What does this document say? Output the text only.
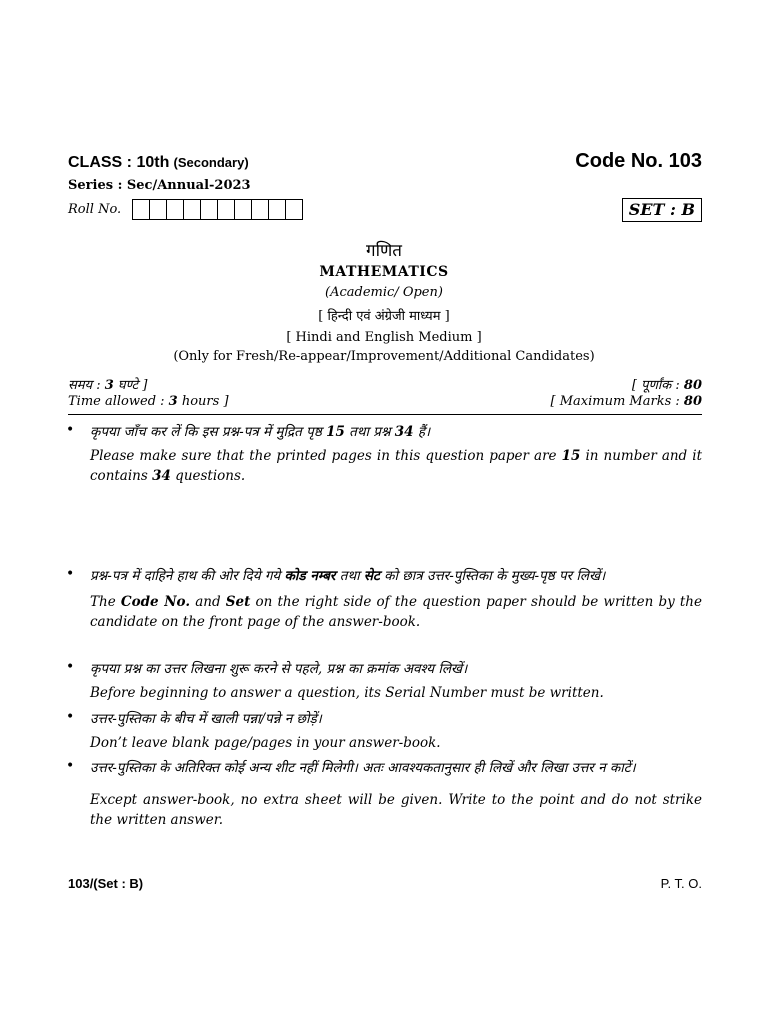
CLASS : 10th (Secondary)	Code No. 103
Series : Sec/Annual-2023
Roll No.	SET : B
गणित
MATHEMATICS
(Academic/ Open)
[ हिन्दी एवं अंग्रेजी माध्यम ]
[ Hindi and English Medium ]
(Only for Fresh/Re-appear/Improvement/Additional Candidates)
समय : 3 घण्टे ]	[ पूर्णांक : 80
Time allowed : 3 hours ]	[ Maximum Marks : 80
•	कृपया जाँच कर लें कि इस प्रश्न-पत्र में मुद्रित पृष्ठ 15 तथा प्रश्न 34 हैं।
Please make sure that the printed pages in this question paper are 15 in number and it contains 34 questions.
•	प्रश्न-पत्र में दाहिने हाथ की ओर दिये गये कोड नम्बर तथा सेट को छात्र उत्तर-पुस्तिका के मुख्य-पृष्ठ पर लिखें।
The Code No. and Set on the right side of the question paper should be written by the candidate on the front page of the answer-book.
•	कृपया प्रश्न का उत्तर लिखना शुरू करने से पहले, प्रश्न का क्रमांक अवश्य लिखें।
Before beginning to answer a question, its Serial Number must be written.
•	उत्तर-पुस्तिका के बीच में खाली पन्ना/पन्ने न छोड़ें।
Don’t leave blank page/pages in your answer-book.
•	उत्तर-पुस्तिका के अतिरिक्त कोई अन्य शीट नहीं मिलेगी। अतः आवश्यकतानुसार ही लिखें और लिखा उत्तर न काटें।
Except answer-book, no extra sheet will be given. Write to the point and do not strike the written answer.
103/(Set : B)	P. T. O.
